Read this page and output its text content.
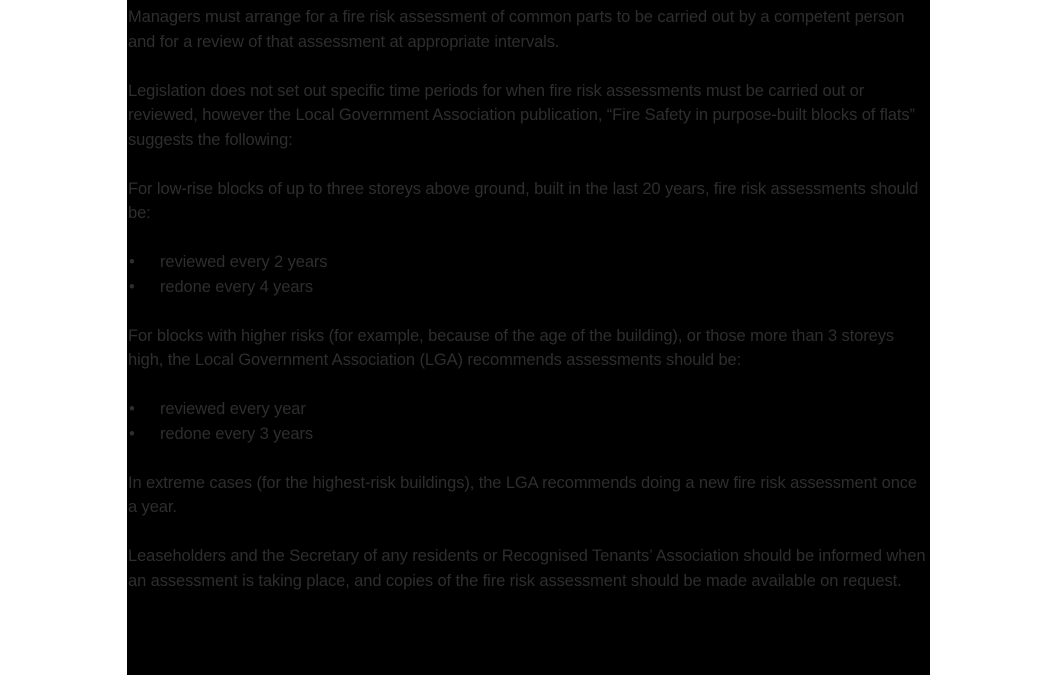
Managers must arrange for a fire risk assessment of common parts to be carried out by a competent person and for a review of that assessment at appropriate intervals.

Legislation does not set out specific time periods for when fire risk assessments must be carried out or reviewed, however the Local Government Association publication, “Fire Safety in purpose-built blocks of flats” suggests the following:

For low-rise blocks of up to three storeys above ground, built in the last 20 years, fire risk assessments should be:

• reviewed every 2 years
• redone every 4 years

For blocks with higher risks (for example, because of the age of the building), or those more than 3 storeys high, the Local Government Association (LGA) recommends assessments should be:

• reviewed every year
• redone every 3 years

In extreme cases (for the highest-risk buildings), the LGA recommends doing a new fire risk assessment once a year.

Leaseholders and the Secretary of any residents or Recognised Tenants’ Association should be informed when an assessment is taking place, and copies of the fire risk assessment should be made available on request.
